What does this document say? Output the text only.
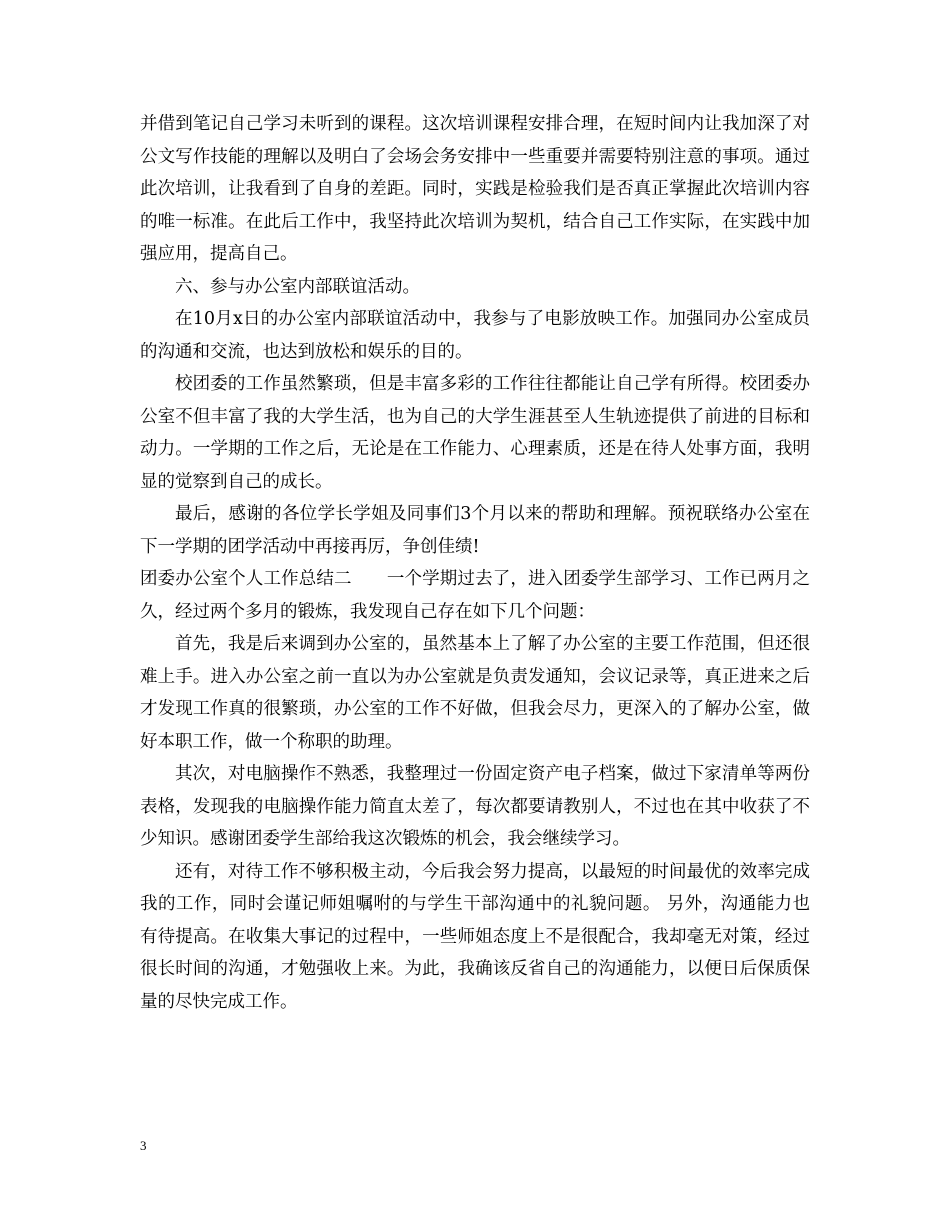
并借到笔记自己学习未听到的课程。这次培训课程安排合理，在短时间内让我加深了对公文写作技能的理解以及明白了会场会务安排中一些重要并需要特别注意的事项。通过此次培训，让我看到了自身的差距。同时，实践是检验我们是否真正掌握此次培训内容的唯一标准。在此后工作中，我坚持此次培训为契机，结合自己工作实际，在实践中加强应用，提高自己。

六、参与办公室内部联谊活动。

在10月x日的办公室内部联谊活动中，我参与了电影放映工作。加强同办公室成员的沟通和交流，也达到放松和娱乐的目的。

校团委的工作虽然繁琐，但是丰富多彩的工作往往都能让自己学有所得。校团委办公室不但丰富了我的大学生活，也为自己的大学生涯甚至人生轨迹提供了前进的目标和动力。一学期的工作之后，无论是在工作能力、心理素质，还是在待人处事方面，我明显的觉察到自己的成长。

最后，感谢的各位学长学姐及同事们3个月以来的帮助和理解。预祝联络办公室在下一学期的团学活动中再接再厉，争创佳绩!

团委办公室个人工作总结二　　一个学期过去了，进入团委学生部学习、工作已两月之久，经过两个多月的锻炼，我发现自己存在如下几个问题：

首先，我是后来调到办公室的，虽然基本上了解了办公室的主要工作范围，但还很难上手。进入办公室之前一直以为办公室就是负责发通知，会议记录等，真正进来之后才发现工作真的很繁琐，办公室的工作不好做，但我会尽力，更深入的了解办公室，做好本职工作，做一个称职的助理。

其次，对电脑操作不熟悉，我整理过一份固定资产电子档案，做过下家清单等两份表格，发现我的电脑操作能力简直太差了，每次都要请教别人，不过也在其中收获了不少知识。感谢团委学生部给我这次锻炼的机会，我会继续学习。

还有，对待工作不够积极主动，今后我会努力提高，以最短的时间最优的效率完成我的工作，同时会谨记师姐嘱咐的与学生干部沟通中的礼貌问题。 另外，沟通能力也有待提高。在收集大事记的过程中，一些师姐态度上不是很配合，我却毫无对策，经过很长时间的沟通，才勉强收上来。为此，我确该反省自己的沟通能力，以便日后保质保量的尽快完成工作。

3
